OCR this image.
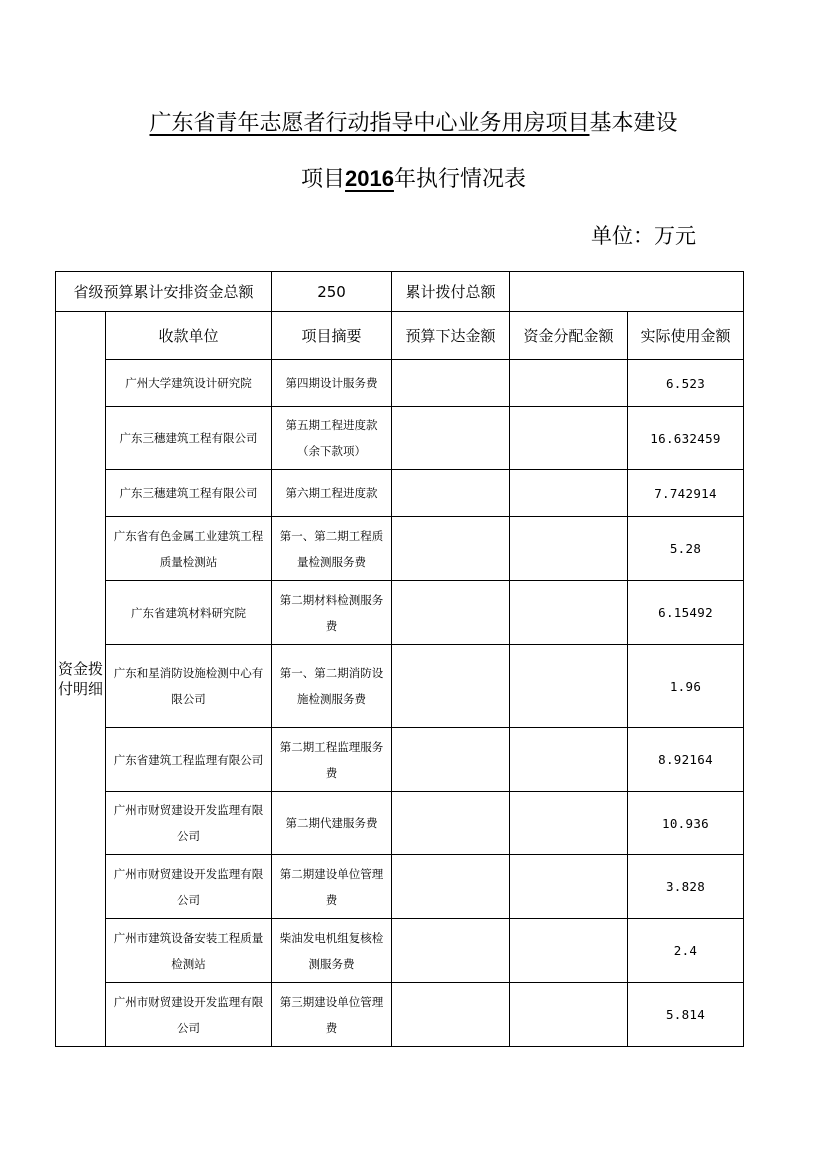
广东省青年志愿者行动指导中心业务用房项目基本建设
项目2016年执行情况表
单位：万元
省级预算累计安排资金总额		250	累计拨付总额		
资金拨付明细	收款单位	项目摘要	预算下达金额	资金分配金额	实际使用金额
	广州大学建筑设计研究院	第四期设计服务费			6.523
	广东三穗建筑工程有限公司	第五期工程进度款（余下款项）			16.632459
	广东三穗建筑工程有限公司	第六期工程进度款			7.742914
	广东省有色金属工业建筑工程质量检测站	第一、第二期工程质量检测服务费			5.28
	广东省建筑材料研究院	第二期材料检测服务费			6.15492
	广东和星消防设施检测中心有限公司	第一、第二期消防设施检测服务费			1.96
	广东省建筑工程监理有限公司	第二期工程监理服务费			8.92164
	广州市财贸建设开发监理有限公司	第二期代建服务费			10.936
	广州市财贸建设开发监理有限公司	第二期建设单位管理费			3.828
	广州市建筑设备安装工程质量检测站	柴油发电机组复核检测服务费			2.4
	广州市财贸建设开发监理有限公司	第三期建设单位管理费			5.814
